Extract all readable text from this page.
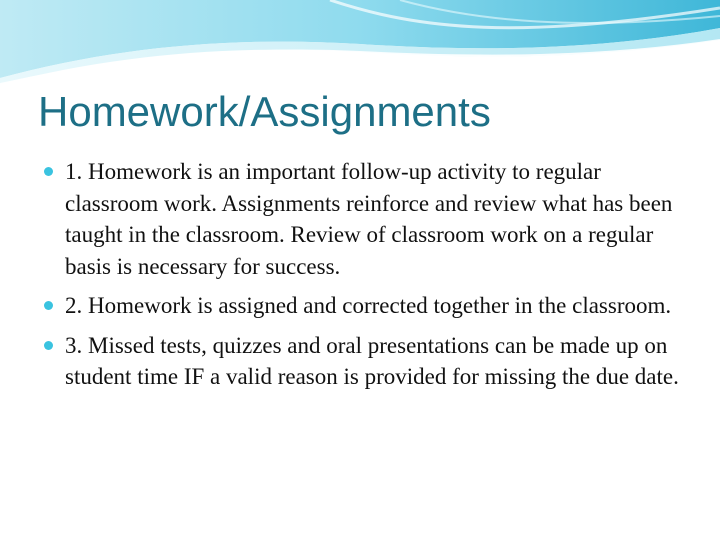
Homework/Assignments

1. Homework is an important follow-up activity to regular classroom work. Assignments reinforce and review what has been taught in the classroom. Review of classroom work on a regular basis is necessary for success.

2. Homework is assigned and corrected together in the classroom.

3. Missed tests, quizzes and oral presentations can be made up on student time IF a valid reason is provided for missing the due date.
